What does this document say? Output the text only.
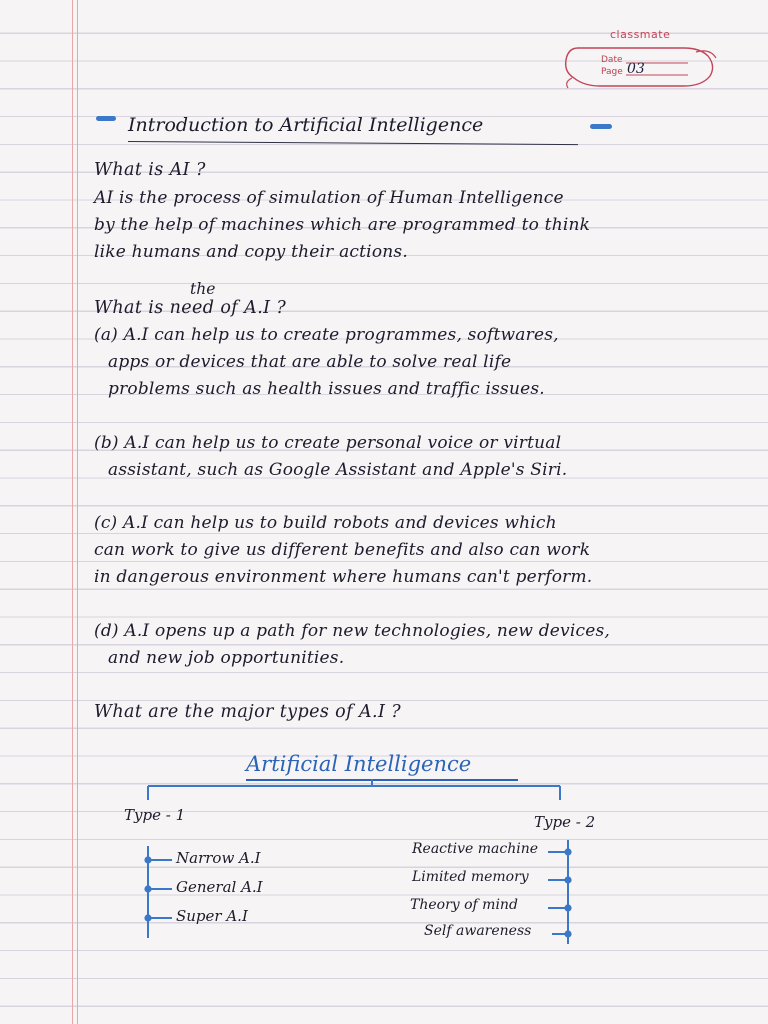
classmate
Date
Page 03
Introduction to Artificial Intelligence
What is AI ?
AI is the process of simulation of Human Intelligence
by the help of machines which are programmed to think
like humans and copy their actions.
the
What is need of A.I ?
(a) A.I can help us to create programmes, softwares,
apps or devices that are able to solve real life
problems such as health issues and traffic issues.
(b) A.I can help us to create personal voice or virtual
assistant, such as Google Assistant and Apple's Siri.
(c) A.I can help us to build robots and devices which
can work to give us different benefits and also can work
in dangerous environment where humans can't perform.
(d) A.I opens up a path for new technologies, new devices,
and new job opportunities.
What are the major types of A.I ?
Artificial Intelligence
Type - 1	Type - 2
Narrow A.I
General A.I
Super A.I
Reactive machine
Limited memory
Theory of mind
Self awareness
